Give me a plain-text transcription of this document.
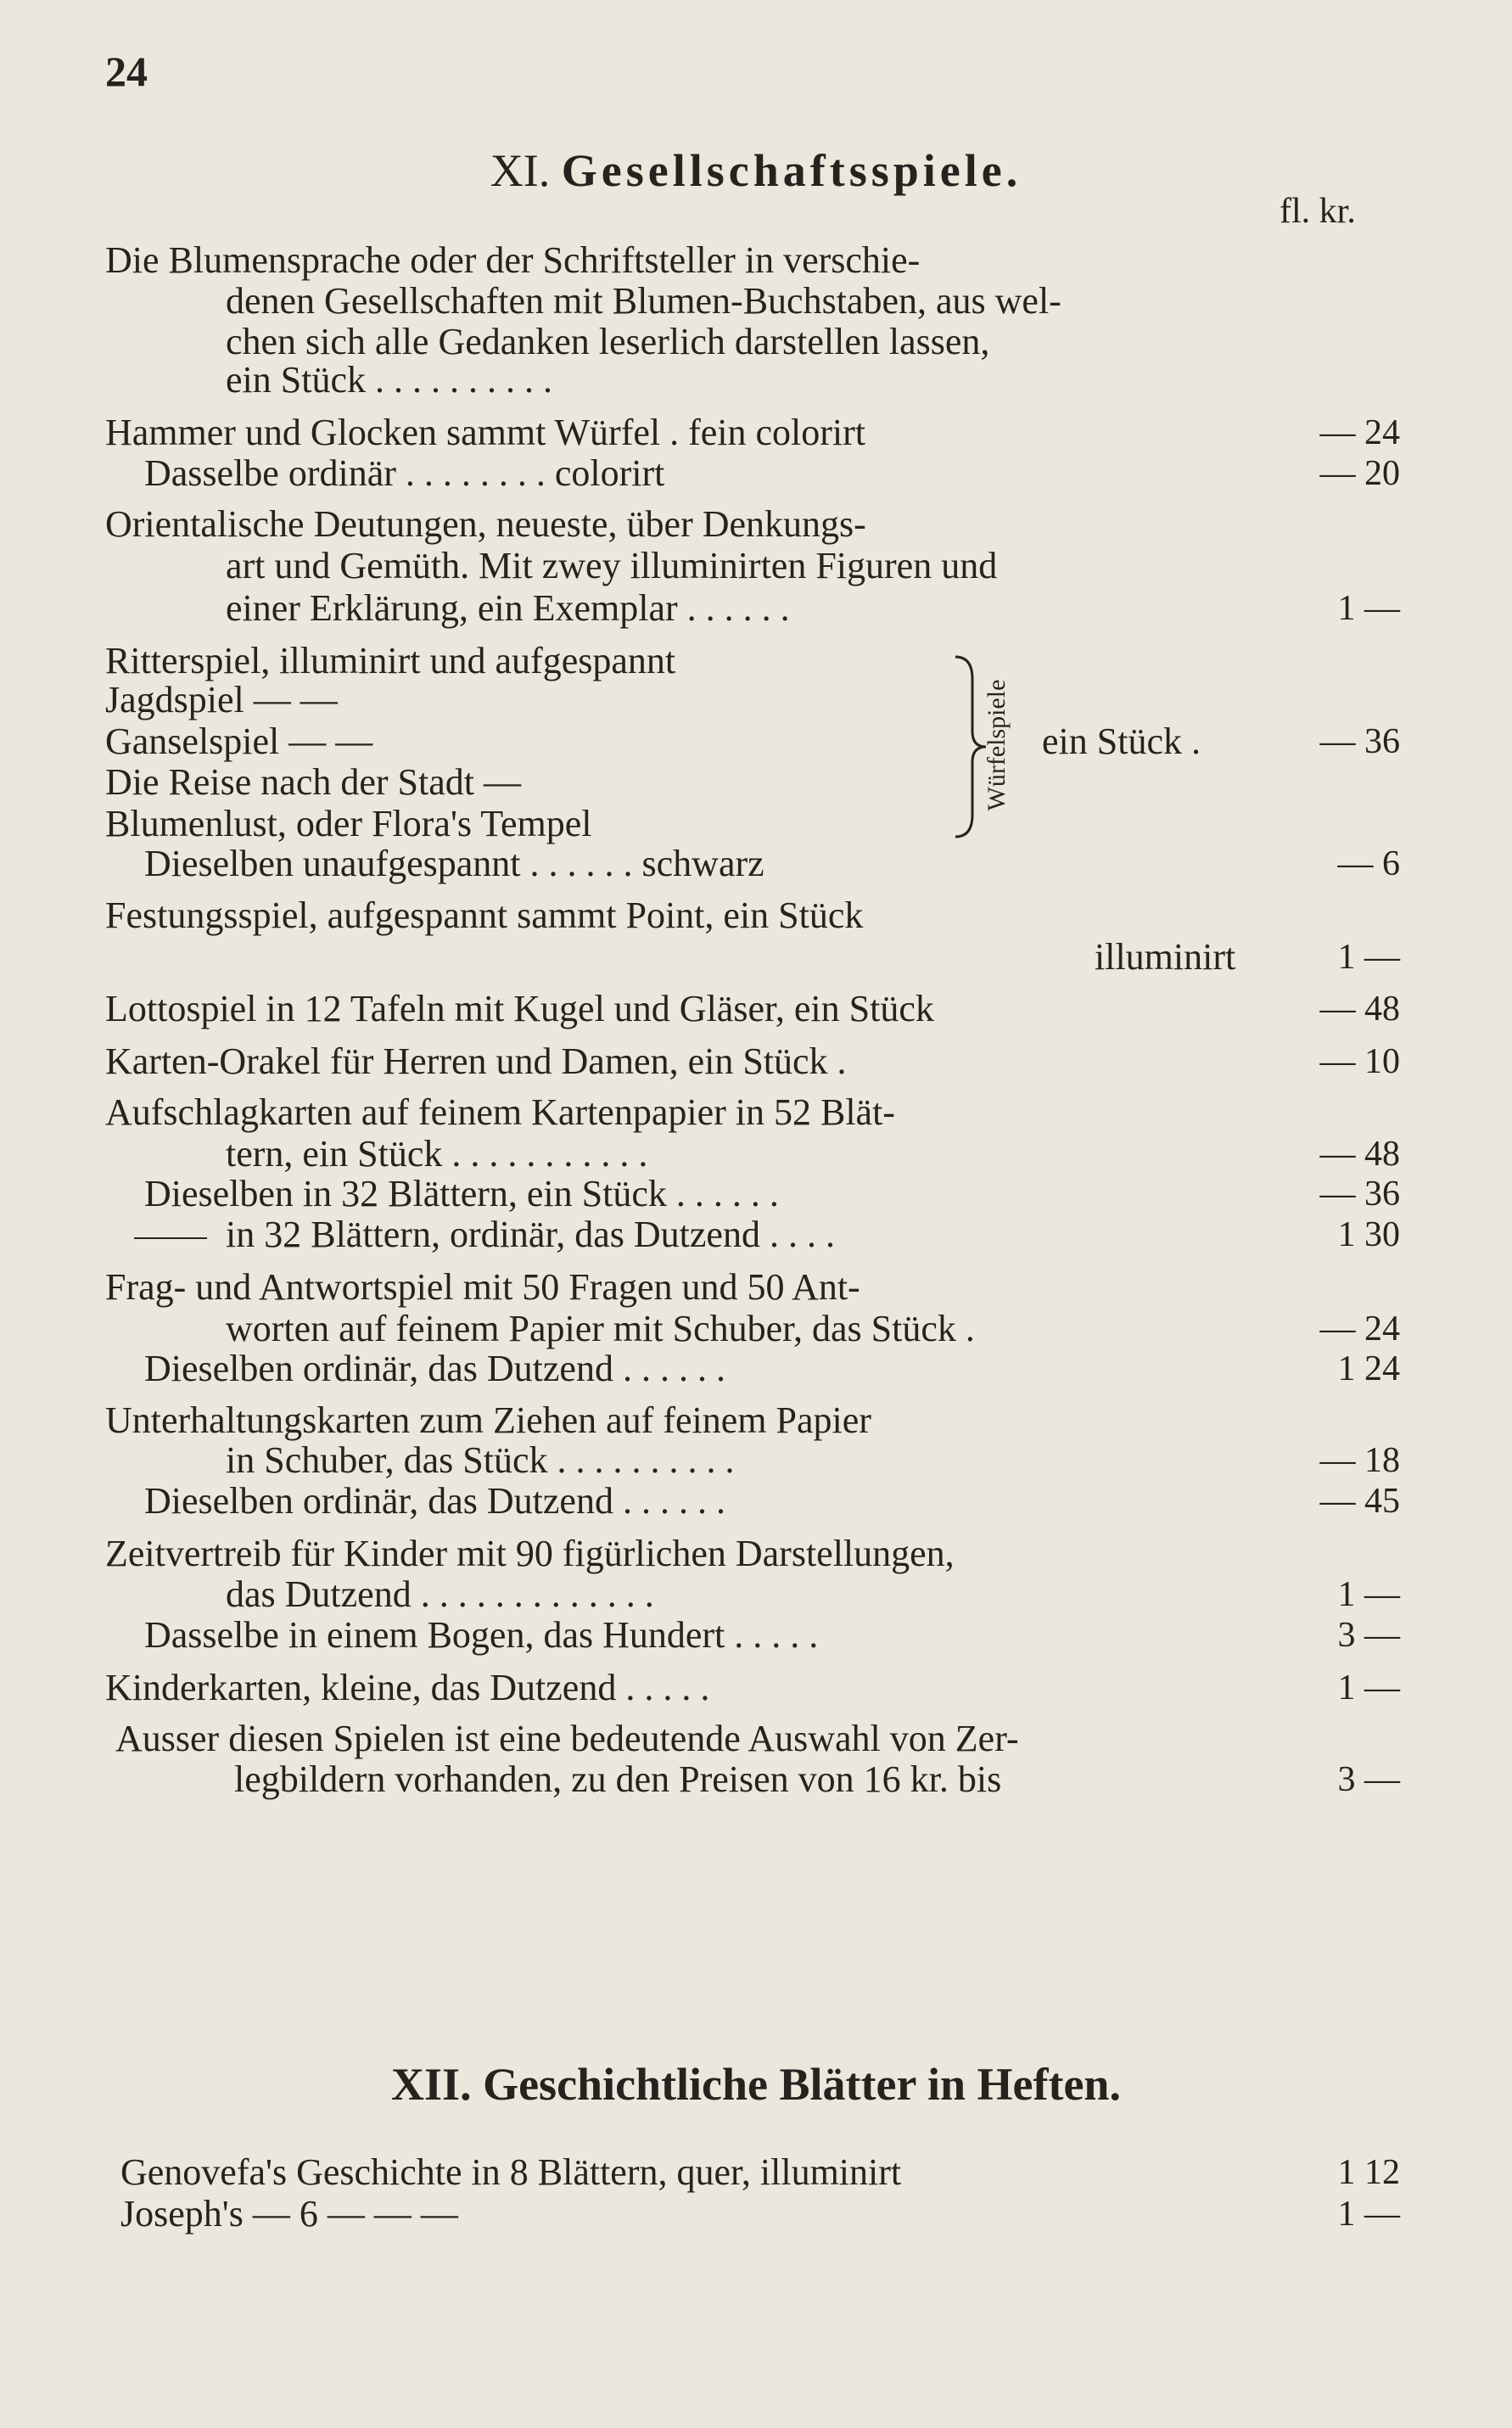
24
XI. Gesellschaftsspiele.
fl. kr.
Die Blumensprache oder der Schriftsteller in verschie-
denen Gesellschaften mit Blumen-Buchstaben, aus wel-
chen sich alle Gedanken leserlich darstellen lassen,
ein Stück . . . . . . . . . .
Hammer und Glocken sammt Würfel . fein colorirt	— 24
Dasselbe ordinär . . . . . . . . colorirt	— 20
Orientalische Deutungen, neueste, über Denkungs-
art und Gemüth. Mit zwey illuminirten Figuren und
einer Erklärung, ein Exemplar . . . . . .	1 —
Ritterspiel, illuminirt und aufgespannt
Jagdspiel — —
Ganselspiel — —
Die Reise nach der Stadt —
Blumenlust, oder Flora's Tempel
Würfelspiele ein Stück .	— 36
Dieselben unaufgespannt . . . . . . schwarz	— 6
Festungsspiel, aufgespannt sammt Point, ein Stück
illuminirt	1 —
Lottospiel in 12 Tafeln mit Kugel und Gläser, ein Stück	— 48
Karten-Orakel für Herren und Damen, ein Stück .	— 10
Aufschlagkarten auf feinem Kartenpapier in 52 Blät-
tern, ein Stück . . . . . . . . . . .	— 48
Dieselben in 32 Blättern, ein Stück . . . . . .	— 36
in 32 Blättern, ordinär, das Dutzend . . . .	1 30
Frag- und Antwortspiel mit 50 Fragen und 50 Ant-
worten auf feinem Papier mit Schuber, das Stück .	— 24
Dieselben ordinär, das Dutzend . . . . . .	1 24
Unterhaltungskarten zum Ziehen auf feinem Papier
in Schuber, das Stück . . . . . . . . . .	— 18
Dieselben ordinär, das Dutzend . . . . . .	— 45
Zeitvertreib für Kinder mit 90 figürlichen Darstellungen,
das Dutzend . . . . . . . . . . . . .	1 —
Dasselbe in einem Bogen, das Hundert . . . . .	3 —
Kinderkarten, kleine, das Dutzend . . . . .	1 —
Ausser diesen Spielen ist eine bedeutende Auswahl von Zer-
legbildern vorhanden, zu den Preisen von 16 kr. bis	3 —
XII. Geschichtliche Blätter in Heften.
Genovefa's Geschichte in 8 Blättern, quer, illuminirt	1 12
Joseph's — 6 — — —	1 —
